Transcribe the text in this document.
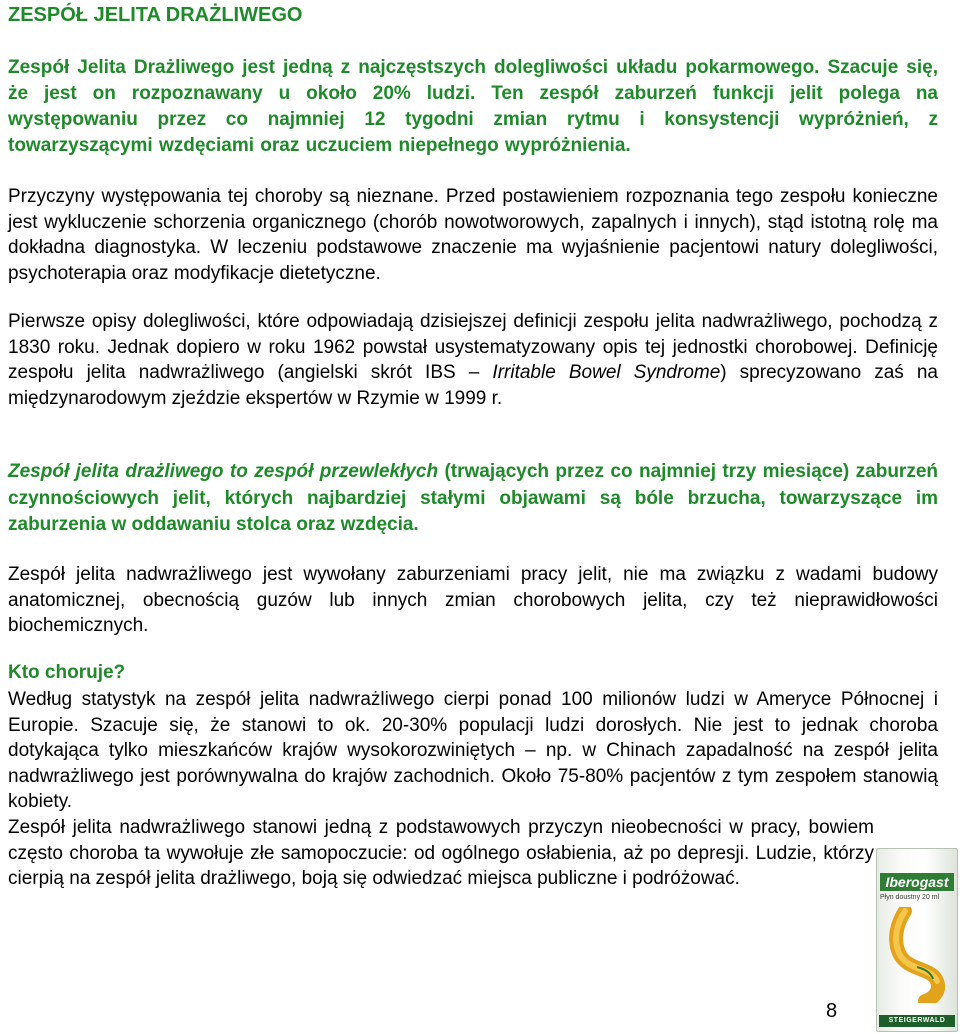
ZESPÓŁ JELITA DRAŻLIWEGO

Zespół Jelita Drażliwego jest jedną z najczęstszych dolegliwości układu pokarmowego. Szacuje się, że jest on rozpoznawany u około 20% ludzi. Ten zespół zaburzeń funkcji jelit polega na występowaniu przez co najmniej 12 tygodni zmian rytmu i konsystencji wypróżnień, z towarzyszącymi wzdęciami oraz uczuciem niepełnego wypróżnienia.

Przyczyny występowania tej choroby są nieznane. Przed postawieniem rozpoznania tego zespołu konieczne jest wykluczenie schorzenia organicznego (chorób nowotworowych, zapalnych i innych), stąd istotną rolę ma dokładna diagnostyka. W leczeniu podstawowe znaczenie ma wyjaśnienie pacjentowi natury dolegliwości, psychoterapia oraz modyfikacje dietetyczne.

Pierwsze opisy dolegliwości, które odpowiadają dzisiejszej definicji zespołu jelita nadwrażliwego, pochodzą z 1830 roku. Jednak dopiero w roku 1962 powstał usystematyzowany opis tej jednostki chorobowej. Definicję zespołu jelita nadwrażliwego (angielski skrót IBS – Irritable Bowel Syndrome) sprecyzowano zaś na międzynarodowym zjeździe ekspertów w Rzymie w 1999 r.

Zespół jelita drażliwego to zespół przewlekłych (trwających przez co najmniej trzy miesiące) zaburzeń czynnościowych jelit, których najbardziej stałymi objawami są bóle brzucha, towarzyszące im zaburzenia w oddawaniu stolca oraz wzdęcia.

Zespół jelita nadwrażliwego jest wywołany zaburzeniami pracy jelit, nie ma związku z wadami budowy anatomicznej, obecnością guzów lub innych zmian chorobowych jelita, czy też nieprawidłowości biochemicznych.

Kto choruje?

Według statystyk na zespół jelita nadwrażliwego cierpi ponad 100 milionów ludzi w Ameryce Północnej i Europie. Szacuje się, że stanowi to ok. 20-30% populacji ludzi dorosłych. Nie jest to jednak choroba dotykająca tylko mieszkańców krajów wysokorozwiniętych – np. w Chinach zapadalność na zespół jelita nadwrażliwego jest porównywalna do krajów zachodnich. Około 75-80% pacjentów z tym zespołem stanowią kobiety.

Zespół jelita nadwrażliwego stanowi jedną z podstawowych przyczyn nieobecności w pracy, bowiem często choroba ta wywołuje złe samopoczucie: od ogólnego osłabienia, aż po depresji. Ludzie, którzy cierpią na zespół jelita drażliwego, boją się odwiedzać miejsca publiczne i podróżować.	Iberogast
Płyn doustny 20 ml
STEIGERWALD
8
